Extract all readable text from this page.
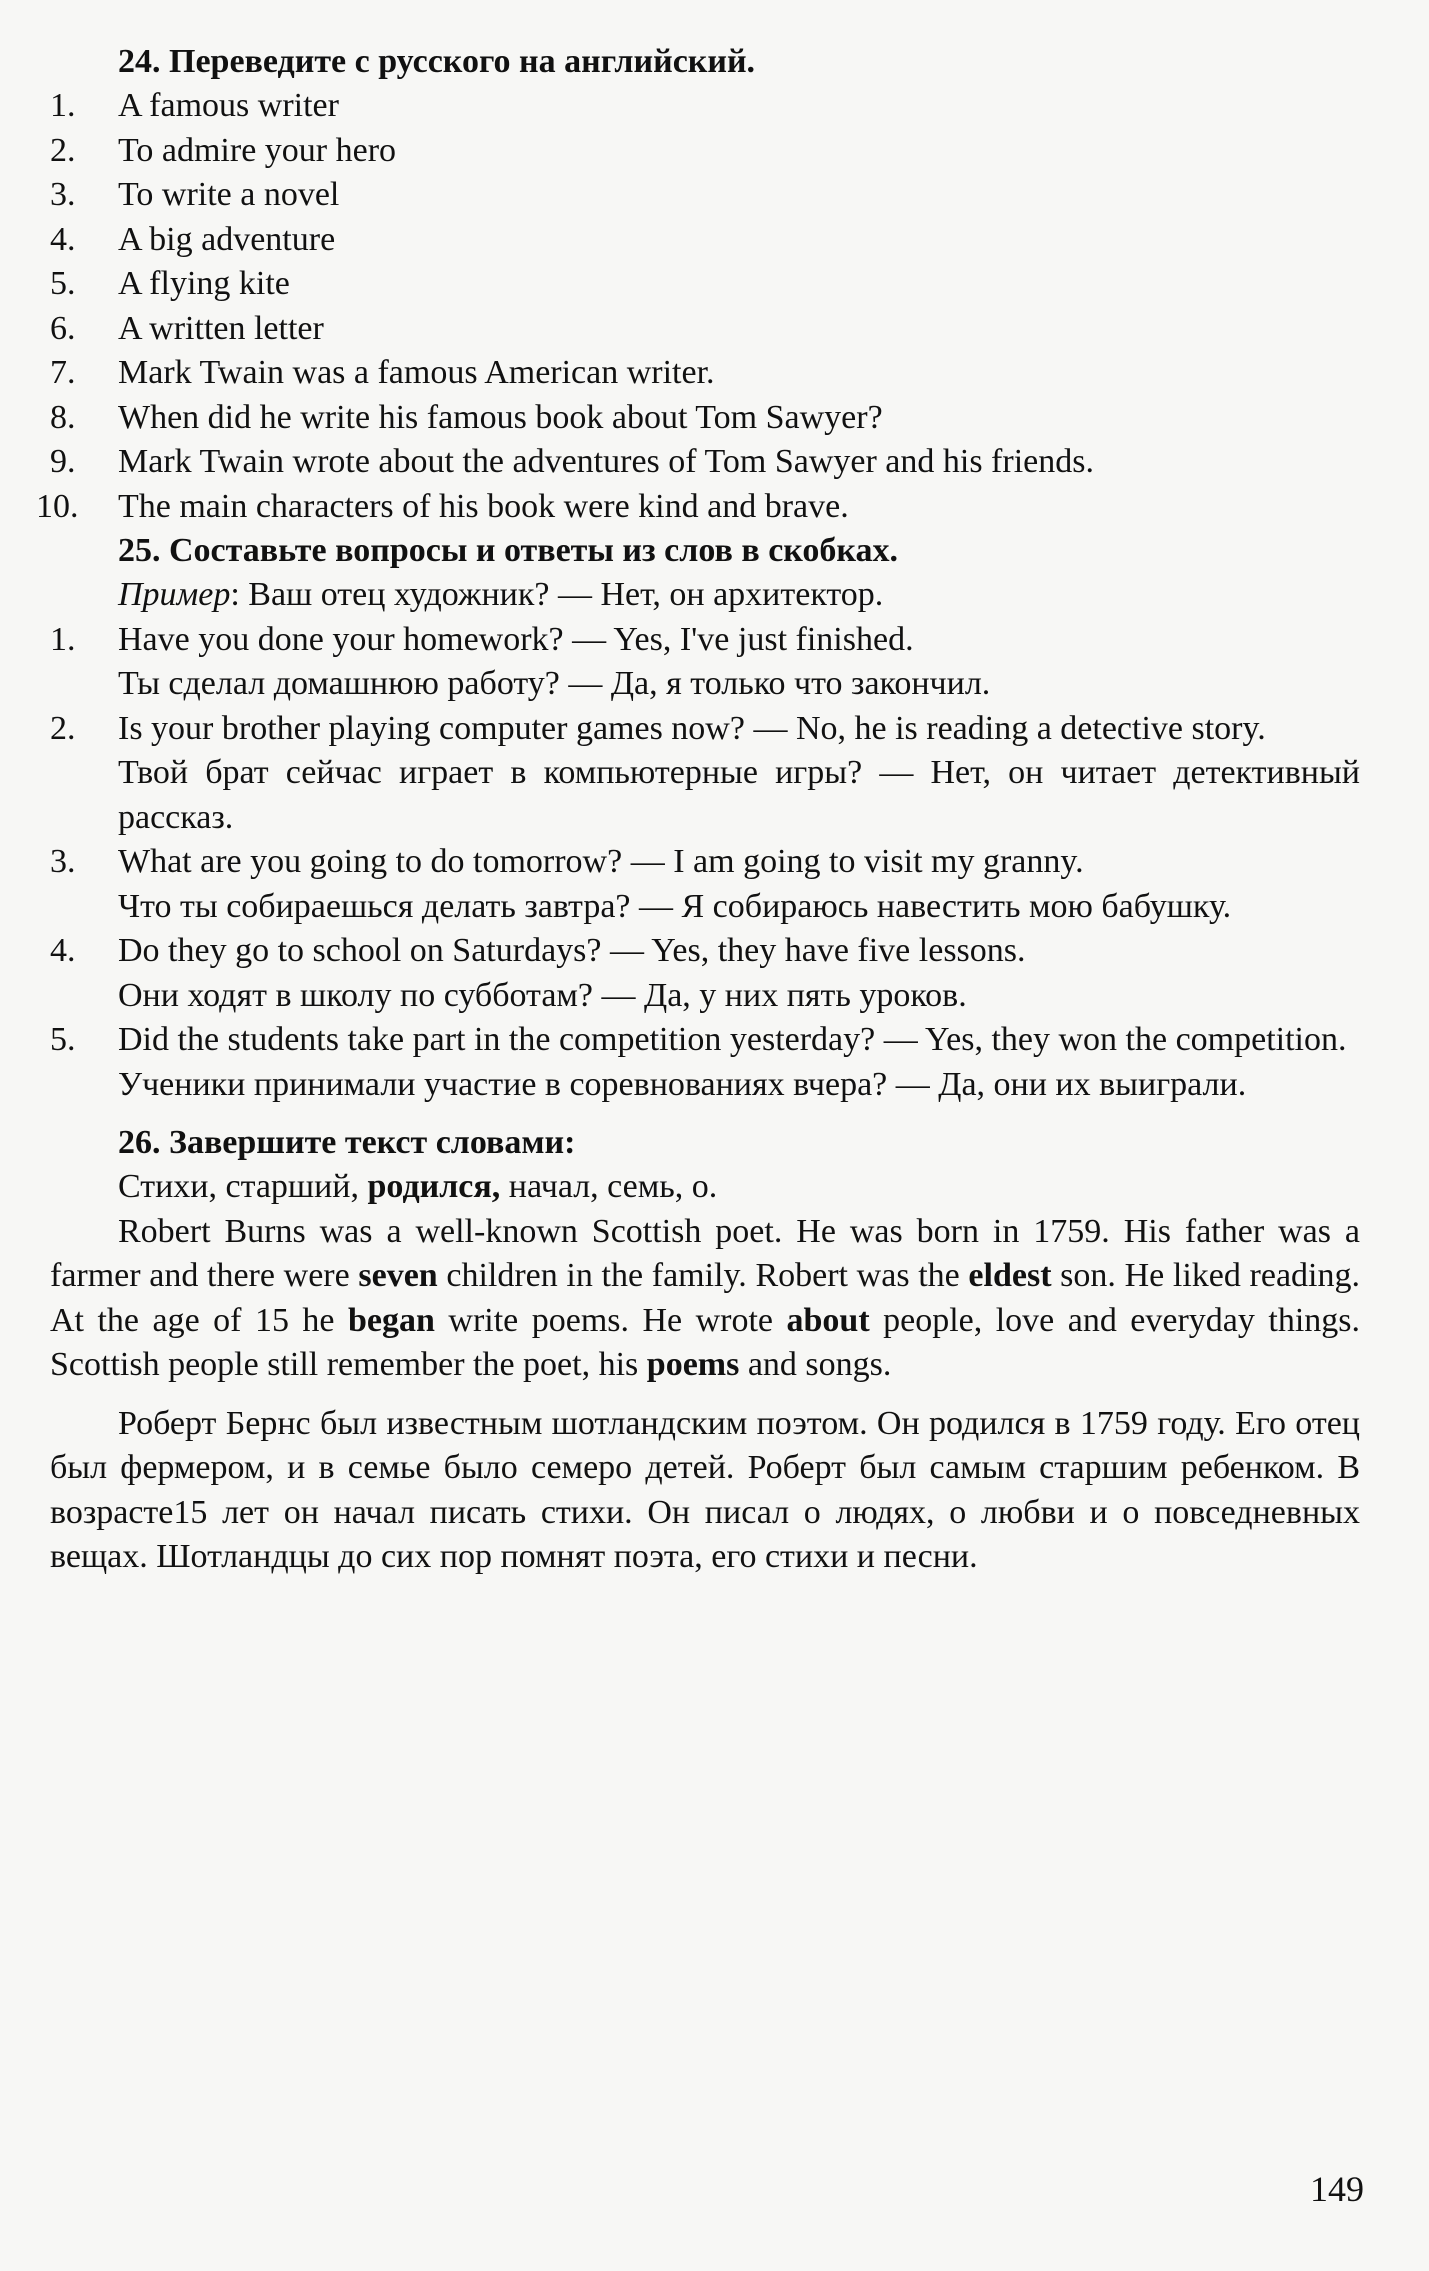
24. Переведите с русского на английский.

1.	A famous writer
2.	To admire your hero
3.	To write a novel
4.	A big adventure
5.	A flying kite
6.	A written letter
7.	Mark Twain was a famous American writer.
8.	When did he write his famous book about Tom Sawyer?
9.	Mark Twain wrote about the adventures of Tom Sawyer and his friends.
10.	The main characters of his book were kind and brave.

25. Составьте вопросы и ответы из слов в скобках.

Пример: Ваш отец художник? — Нет, он архитектор.

1.	Have you done your homework? — Yes, I've just finished.
Ты сделал домашнюю работу? — Да, я только что закончил.
2.	Is your brother playing computer games now? — No, he is reading a detective story.
Твой брат сейчас играет в компьютерные игры? — Нет, он читает детективный рассказ.
3.	What are you going to do tomorrow? — I am going to visit my granny.
Что ты собираешься делать завтра? — Я собираюсь навестить мою бабушку.
4.	Do they go to school on Saturdays? — Yes, they have five lessons.
Они ходят в школу по субботам? — Да, у них пять уроков.
5.	Did the students take part in the competition yesterday? — Yes, they won the competition.
Ученики принимали участие в соревнованиях вчера? — Да, они их выиграли.

26. Завершите текст словами:

Стихи, старший, родился, начал, семь, о.

Robert Burns was a well-known Scottish poet. He was born in 1759. His father was a farmer and there were seven children in the family. Robert was the eldest son. He liked reading. At the age of 15 he began write poems. He wrote about people, love and everyday things. Scottish people still remember the poet, his poems and songs.

Роберт Бернс был известным шотландским поэтом. Он родился в 1759 году. Его отец был фермером, и в семье было семеро детей. Роберт был самым старшим ребенком. В возрасте15 лет он начал писать стихи. Он писал о людях, о любви и о повседневных вещах. Шотландцы до сих пор помнят поэта, его стихи и песни.

149
